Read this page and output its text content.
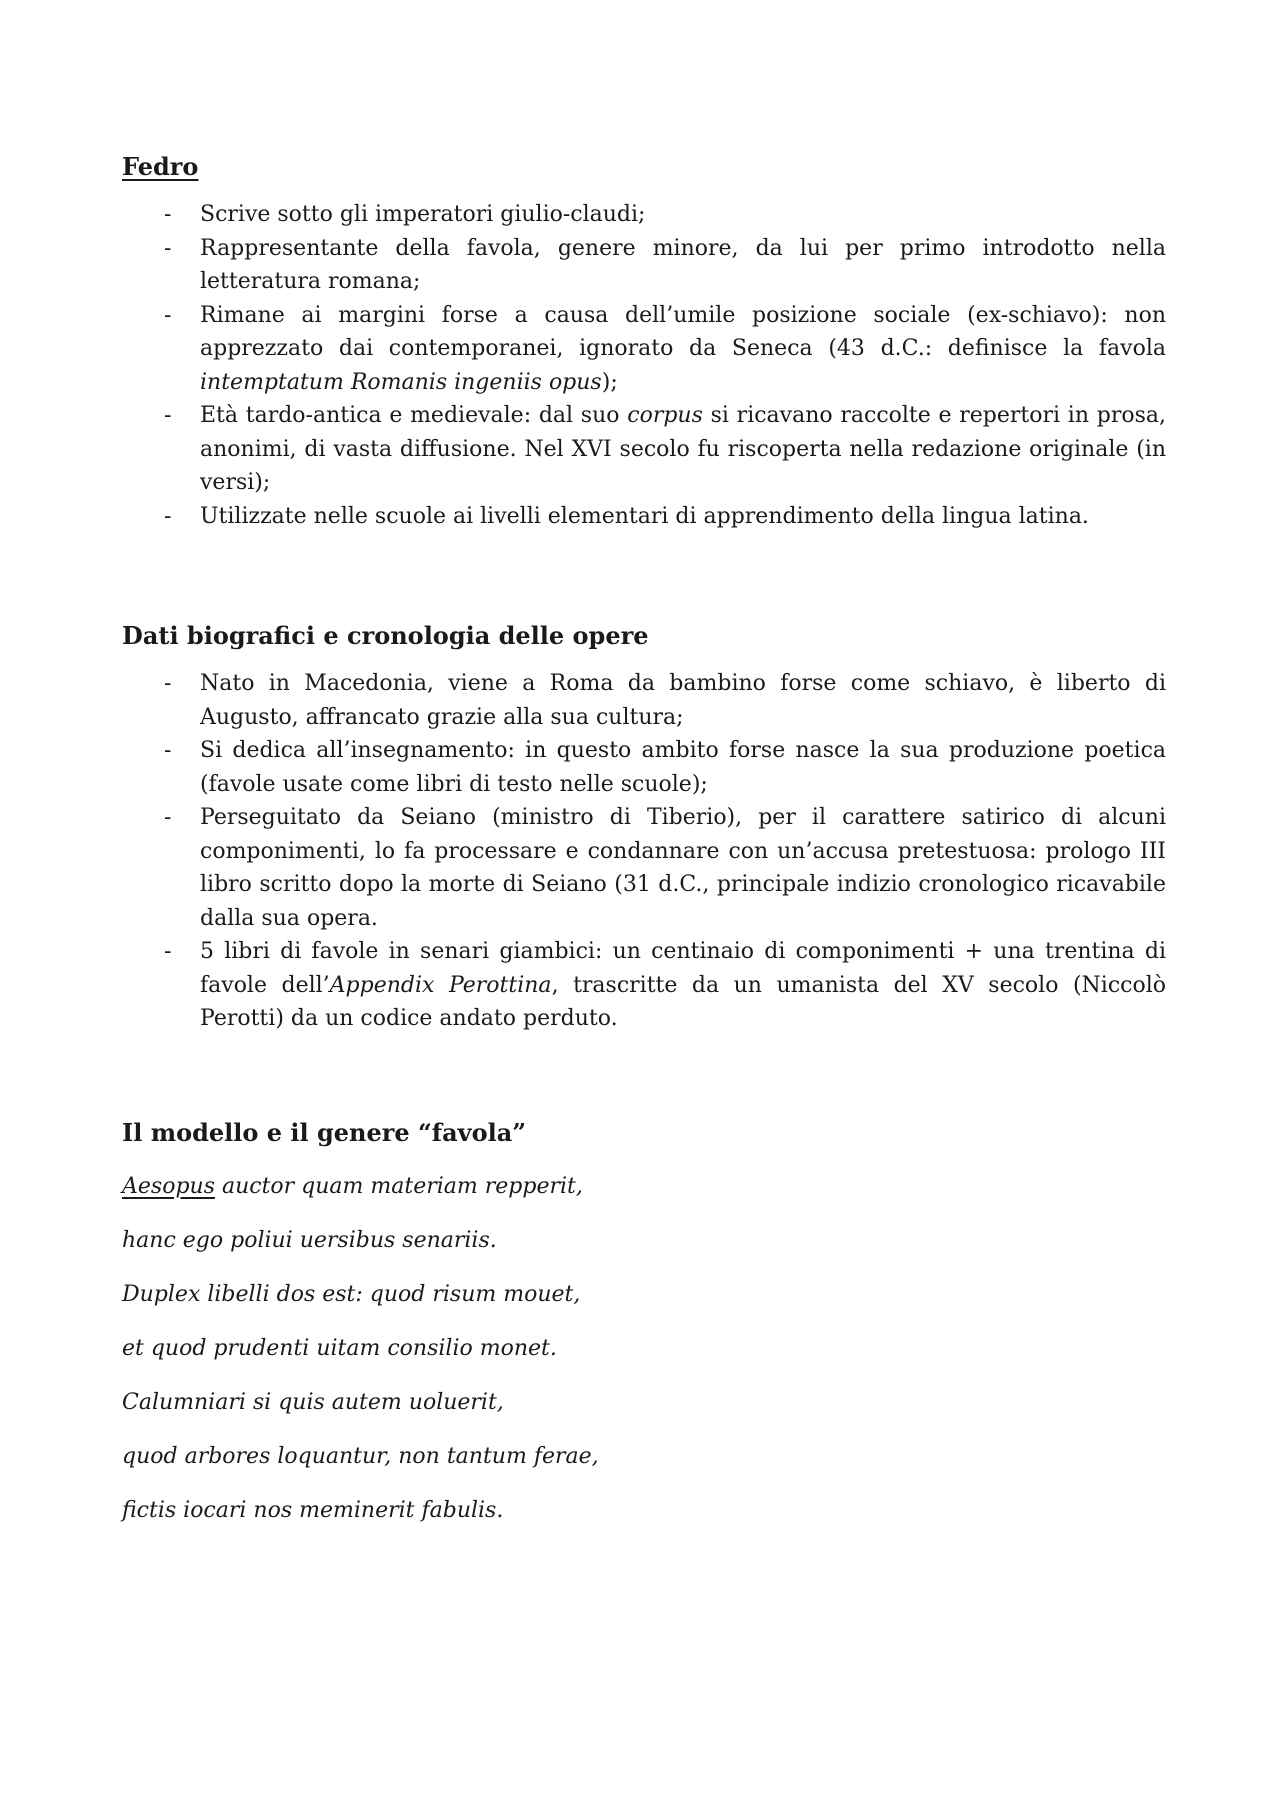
Fedro
- Scrive sotto gli imperatori giulio-claudi;
- Rappresentante della favola, genere minore, da lui per primo introdotto nella letteratura romana;
- Rimane ai margini forse a causa dell’umile posizione sociale (ex-schiavo): non apprezzato dai contemporanei, ignorato da Seneca (43 d.C.: definisce la favola intemptatum Romanis ingeniis opus);
- Età tardo-antica e medievale: dal suo corpus si ricavano raccolte e repertori in prosa, anonimi, di vasta diffusione. Nel XVI secolo fu riscoperta nella redazione originale (in versi);
- Utilizzate nelle scuole ai livelli elementari di apprendimento della lingua latina.
Dati biografici e cronologia delle opere
- Nato in Macedonia, viene a Roma da bambino forse come schiavo, è liberto di Augusto, affrancato grazie alla sua cultura;
- Si dedica all’insegnamento: in questo ambito forse nasce la sua produzione poetica (favole usate come libri di testo nelle scuole);
- Perseguitato da Seiano (ministro di Tiberio), per il carattere satirico di alcuni componimenti, lo fa processare e condannare con un’accusa pretestuosa: prologo III libro scritto dopo la morte di Seiano (31 d.C., principale indizio cronologico ricavabile dalla sua opera.
- 5 libri di favole in senari giambici: un centinaio di componimenti + una trentina di favole dell’Appendix Perottina, trascritte da un umanista del XV secolo (Niccolò Perotti) da un codice andato perduto.
Il modello e il genere “favola”

Aesopus auctor quam materiam repperit,

hanc ego poliui uersibus senariis.

Duplex libelli dos est: quod risum mouet,

et quod prudenti uitam consilio monet.

Calumniari si quis autem uoluerit,

quod arbores loquantur, non tantum ferae,

fictis iocari nos meminerit fabulis.
